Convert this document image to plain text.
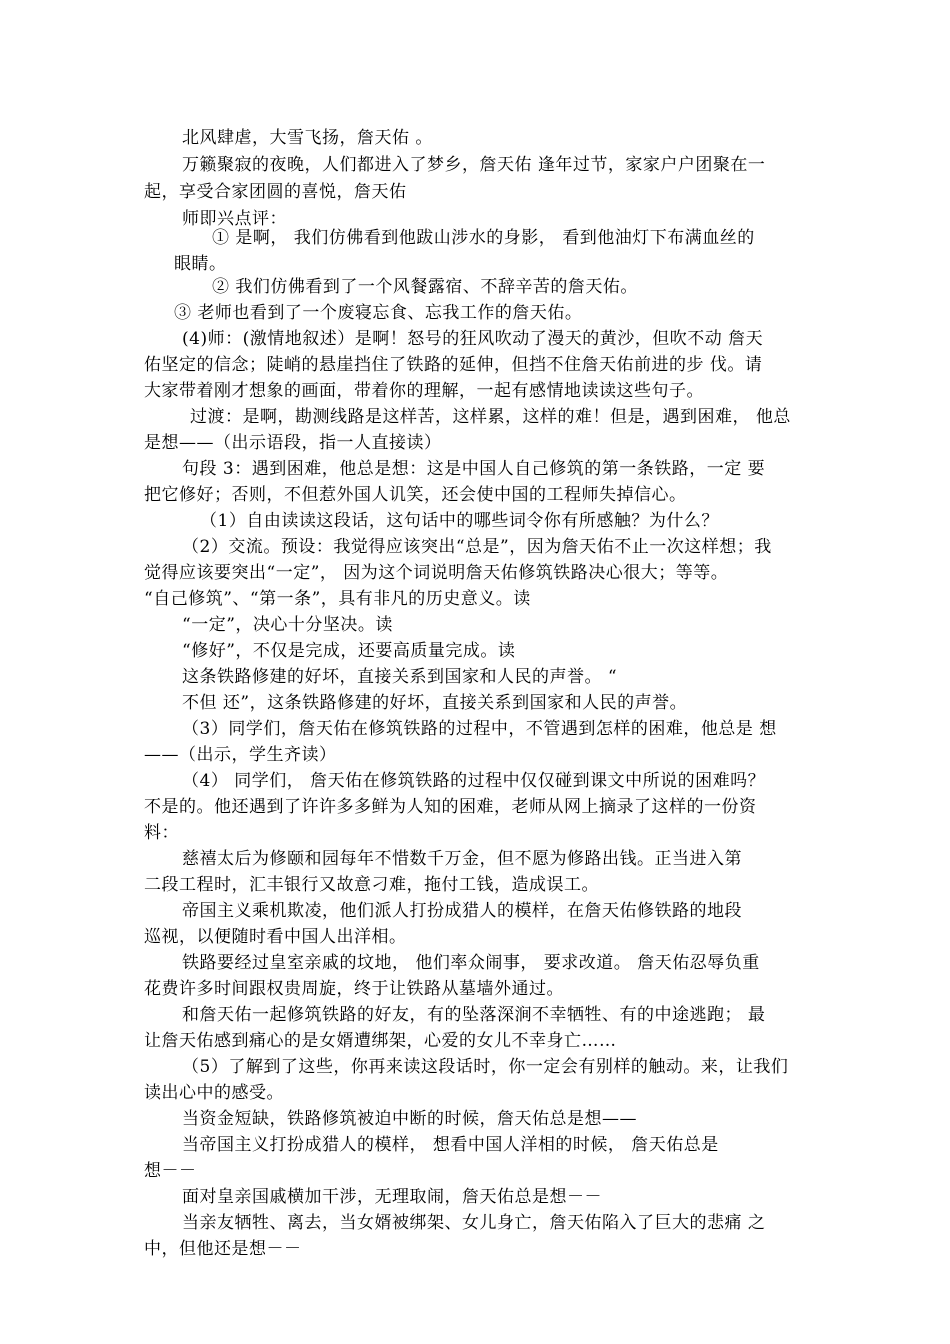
北风肆虐，大雪飞扬，詹天佑 。
万籁聚寂的夜晚，人们都进入了梦乡，詹天佑 逢年过节，家家户户团聚在一
起，享受合家团圆的喜悦，詹天佑
师即兴点评：
① 是啊， 我们仿佛看到他跋山涉水的身影， 看到他油灯下布满血丝的
眼睛。
② 我们仿佛看到了一个风餐露宿、不辞辛苦的詹天佑。
③ 老师也看到了一个废寝忘食、忘我工作的詹天佑。
(4)师：(激情地叙述）是啊！怒号的狂风吹动了漫天的黄沙，但吹不动 詹天
佑坚定的信念；陡峭的悬崖挡住了铁路的延伸，但挡不住詹天佑前进的步 伐。请
大家带着刚才想象的画面，带着你的理解，一起有感情地读读这些句子。
过渡：是啊，勘测线路是这样苦，这样累，这样的难！但是，遇到困难， 他总
是想——（出示语段，指一人直接读）
句段 3：遇到困难，他总是想：这是中国人自己修筑的第一条铁路，一定 要
把它修好；否则，不但惹外国人讥笑，还会使中国的工程师失掉信心。
（1）自由读读这段话，这句话中的哪些词令你有所感触？为什么？
（2）交流。预设：我觉得应该突出“总是”，因为詹天佑不止一次这样想；我
觉得应该要突出“一定”， 因为这个词说明詹天佑修筑铁路决心很大；等等。
“自己修筑”、“第一条”，具有非凡的历史意义。读
“一定”，决心十分坚决。读
“修好”，不仅是完成，还要高质量完成。读
这条铁路修建的好坏，直接关系到国家和人民的声誉。 “
不但 还”，这条铁路修建的好坏，直接关系到国家和人民的声誉。
（3）同学们，詹天佑在修筑铁路的过程中，不管遇到怎样的困难，他总是 想
——（出示，学生齐读）
（4） 同学们， 詹天佑在修筑铁路的过程中仅仅碰到课文中所说的困难吗？
不是的。他还遇到了许许多多鲜为人知的困难，老师从网上摘录了这样的一份资
料：
慈禧太后为修颐和园每年不惜数千万金，但不愿为修路出钱。正当进入第
二段工程时，汇丰银行又故意刁难，拖付工钱，造成误工。
帝国主义乘机欺凌，他们派人打扮成猎人的模样，在詹天佑修铁路的地段
巡视，以便随时看中国人出洋相。
铁路要经过皇室亲戚的坟地， 他们率众闹事， 要求改道。 詹天佑忍辱负重
花费许多时间跟权贵周旋，终于让铁路从墓墙外通过。
和詹天佑一起修筑铁路的好友，有的坠落深涧不幸牺牲、有的中途逃跑； 最
让詹天佑感到痛心的是女婿遭绑架，心爱的女儿不幸身亡……
（5）了解到了这些，你再来读这段话时，你一定会有别样的触动。来，让我们
读出心中的感受。
当资金短缺，铁路修筑被迫中断的时候，詹天佑总是想——
当帝国主义打扮成猎人的模样， 想看中国人洋相的时候， 詹天佑总是
想－－
面对皇亲国戚横加干涉，无理取闹，詹天佑总是想－－
当亲友牺牲、离去，当女婿被绑架、女儿身亡，詹天佑陷入了巨大的悲痛 之
中，但他还是想－－
